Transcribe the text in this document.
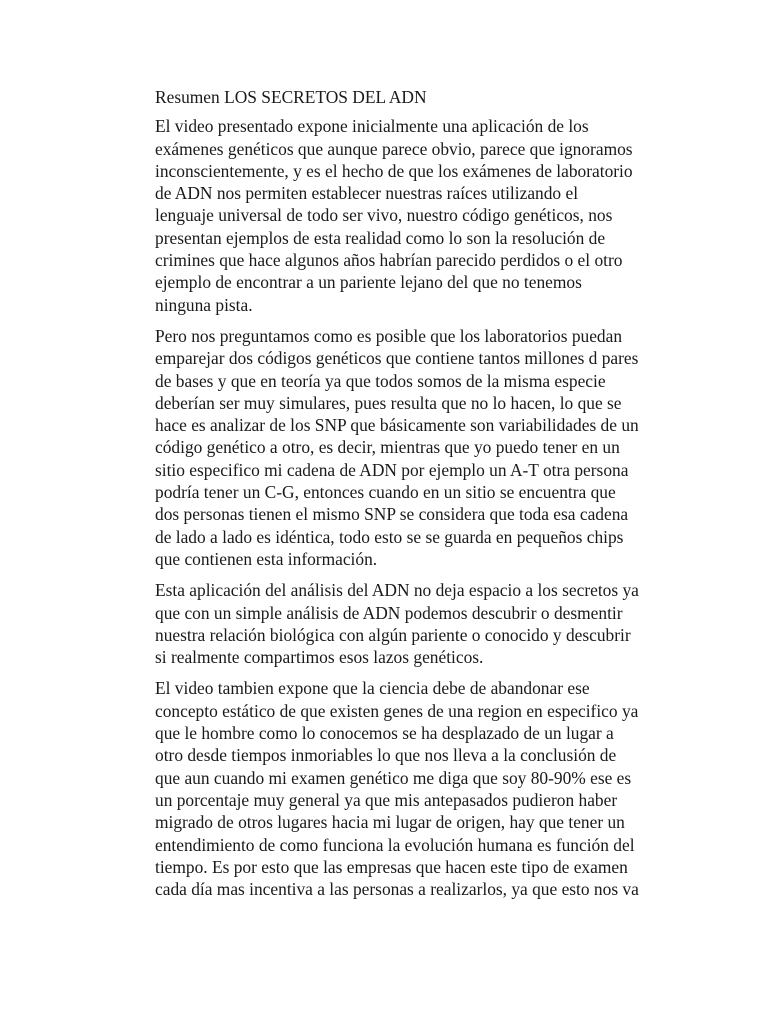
Resumen LOS SECRETOS DEL ADN

El video presentado expone inicialmente una aplicación de los
exámenes genéticos que aunque parece obvio, parece que ignoramos
inconscientemente, y es el hecho de que los exámenes de laboratorio
de ADN nos permiten establecer nuestras raíces utilizando el
lenguaje universal de todo ser vivo, nuestro código genéticos, nos
presentan ejemplos de esta realidad como lo son la resolución de
crimines que hace algunos años habrían parecido perdidos o el otro
ejemplo de encontrar a un pariente lejano del que no tenemos
ninguna pista.

Pero nos preguntamos como es posible que los laboratorios puedan
emparejar dos códigos genéticos que contiene tantos millones d pares
de bases y que en teoría ya que todos somos de la misma especie
deberían ser muy simulares, pues resulta que no lo hacen, lo que se
hace es analizar de los SNP que básicamente son variabilidades de un
código genético a otro, es decir, mientras que yo puedo tener en un
sitio especifico mi cadena de ADN por ejemplo un A-T otra persona
podría tener un C-G, entonces cuando en un sitio se encuentra que
dos personas tienen el mismo SNP se considera que toda esa cadena
de lado a lado es idéntica, todo esto se se guarda en pequeños chips
que contienen esta información.

Esta aplicación del análisis del ADN no deja espacio a los secretos ya
que con un simple análisis de ADN podemos descubrir o desmentir
nuestra relación biológica con algún pariente o conocido y descubrir
si realmente compartimos esos lazos genéticos.

El video tambien expone que la ciencia debe de abandonar ese
concepto estático de que existen genes de una region en especifico ya
que le hombre como lo conocemos se ha desplazado de un lugar a
otro desde tiempos inmoriables lo que nos lleva a la conclusión de
que aun cuando mi examen genético me diga que soy 80-90% ese es
un porcentaje muy general ya que mis antepasados pudieron haber
migrado de otros lugares hacia mi lugar de origen, hay que tener un
entendimiento de como funciona la evolución humana es función del
tiempo. Es por esto que las empresas que hacen este tipo de examen
cada día mas incentiva a las personas a realizarlos, ya que esto nos va
